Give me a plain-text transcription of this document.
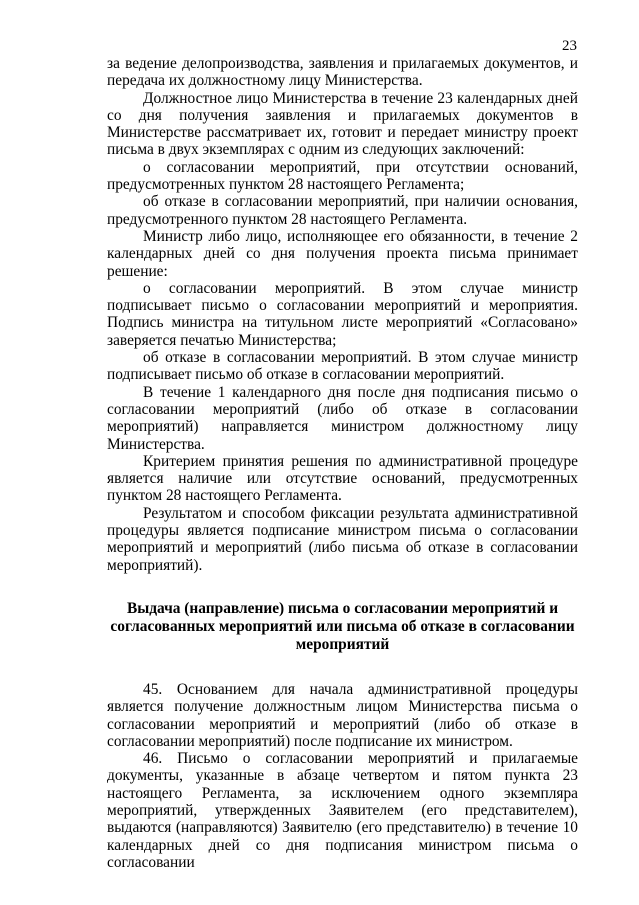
23

за ведение делопроизводства, заявления и прилагаемых документов, и передача их должностному лицу Министерства.

Должностное лицо Министерства в течение 23 календарных дней со дня получения заявления и прилагаемых документов в Министерстве рассматривает их, готовит и передает министру проект письма в двух экземплярах с одним из следующих заключений:

о согласовании мероприятий, при отсутствии оснований, предусмотренных пунктом 28 настоящего Регламента;

об отказе в согласовании мероприятий, при наличии основания, предусмотренного пунктом 28 настоящего Регламента.

Министр либо лицо, исполняющее его обязанности, в течение 2 календарных дней со дня получения проекта письма принимает решение:

о согласовании мероприятий. В этом случае министр подписывает письмо о согласовании мероприятий и мероприятия. Подпись министра на титульном листе мероприятий «Согласовано» заверяется печатью Министерства;

об отказе в согласовании мероприятий. В этом случае министр подписывает письмо об отказе в согласовании мероприятий.

В течение 1 календарного дня после дня подписания письмо о согласовании мероприятий (либо об отказе в согласовании мероприятий) направляется министром должностному лицу Министерства.

Критерием принятия решения по административной процедуре является наличие или отсутствие оснований, предусмотренных пунктом 28 настоящего Регламента.

Результатом и способом фиксации результата административной процедуры является подписание министром письма о согласовании мероприятий и мероприятий (либо письма об отказе в согласовании мероприятий).

Выдача (направление) письма о согласовании мероприятий и согласованных мероприятий или письма об отказе в согласовании мероприятий

45. Основанием для начала административной процедуры является получение должностным лицом Министерства письма о согласовании мероприятий и мероприятий (либо об отказе в согласовании мероприятий) после подписание их министром.

46. Письмо о согласовании мероприятий и прилагаемые документы, указанные в абзаце четвертом и пятом пункта 23 настоящего Регламента, за исключением одного экземпляра мероприятий, утвержденных Заявителем (его представителем), выдаются (направляются) Заявителю (его представителю) в течение 10 календарных дней со дня подписания министром письма о согласовании
